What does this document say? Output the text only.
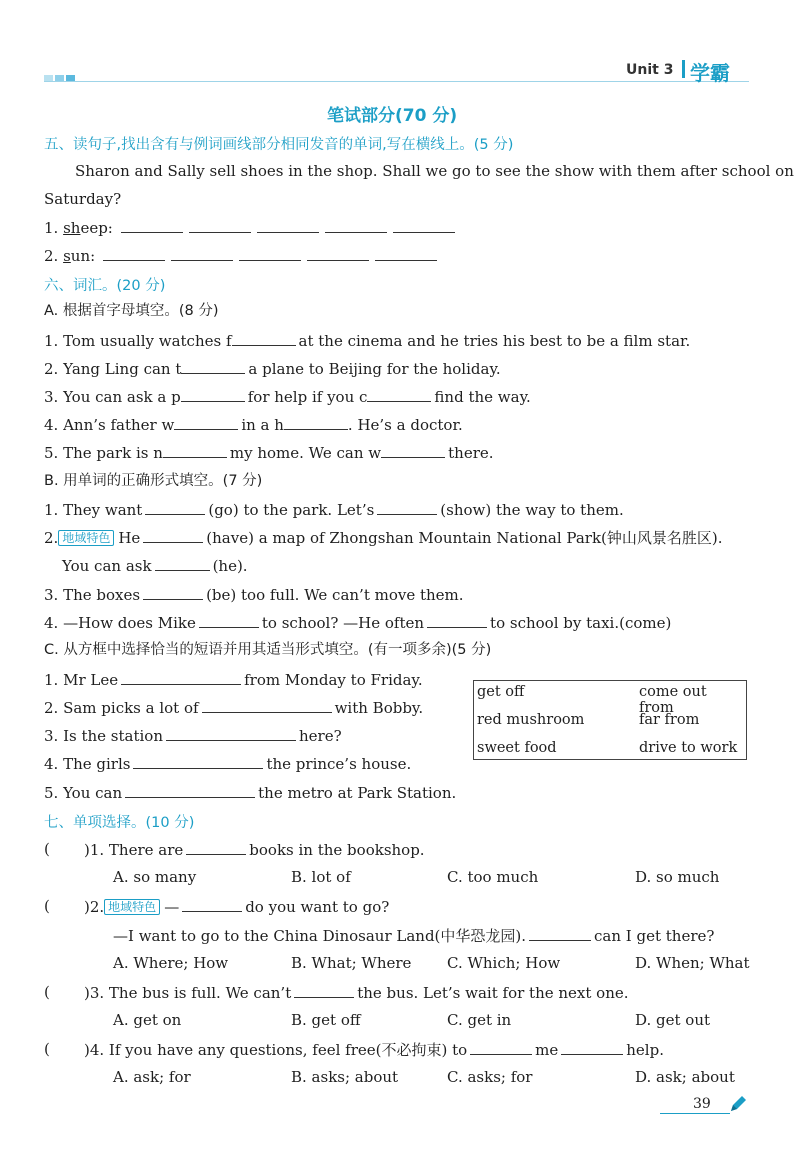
Unit 3 学霸
笔试部分(70 分)
五、读句子,找出含有与例词画线部分相同发音的单词,写在横线上。(5 分)
Sharon and Sally sell shoes in the shop. Shall we go to see the show with them after school on
Saturday?
1. sheep:
2. sun:
六、词汇。(20 分)
A. 根据首字母填空。(8 分)
1. Tom usually watches f	at the cinema and he tries his best to be a film star.
2. Yang Ling can t	a plane to Beijing for the holiday.
3. You can ask a p	for help if you c	find the way.
4. Ann’s father w	in a h	. He’s a doctor.
5. The park is n	my home. We can w	there.
B. 用单词的正确形式填空。(7 分)
1. They want	(go) to the park. Let’s	(show) the way to them.
2. 地域特色 He	(have) a map of Zhongshan Mountain National Park(钟山风景名胜区).
You can ask	(he).
3. The boxes	(be) too full. We can’t move them.
4. —How does Mike	to school? —He often	to school by taxi.(come)
C. 从方框中选择恰当的短语并用其适当形式填空。(有一项多余)(5 分)
1. Mr Lee	from Monday to Friday.
2. Sam picks a lot of	with Bobby.
3. Is the station	here?
4. The girls	the prince’s house.
5. You can	the metro at Park Station.
get off	come out from
red mushroom	far from
sweet food	drive to work
七、单项选择。(10 分)
( )1. There are	books in the bookshop.
A. so many	B. lot of	C. too much	D. so much
( )2. 地域特色 —	do you want to go?
—I want to go to the China Dinosaur Land(中华恐龙园).	can I get there?
A. Where; How	B. What; Where C. Which; How	D. When; What
( )3. The bus is full. We can’t	the bus. Let’s wait for the next one.
A. get on	B. get off	C. get in	D. get out
( )4. If you have any questions, feel free(不必拘束) to	me	help.
A. ask; for	B. asks; about	C. asks; for	D. ask; about
39
